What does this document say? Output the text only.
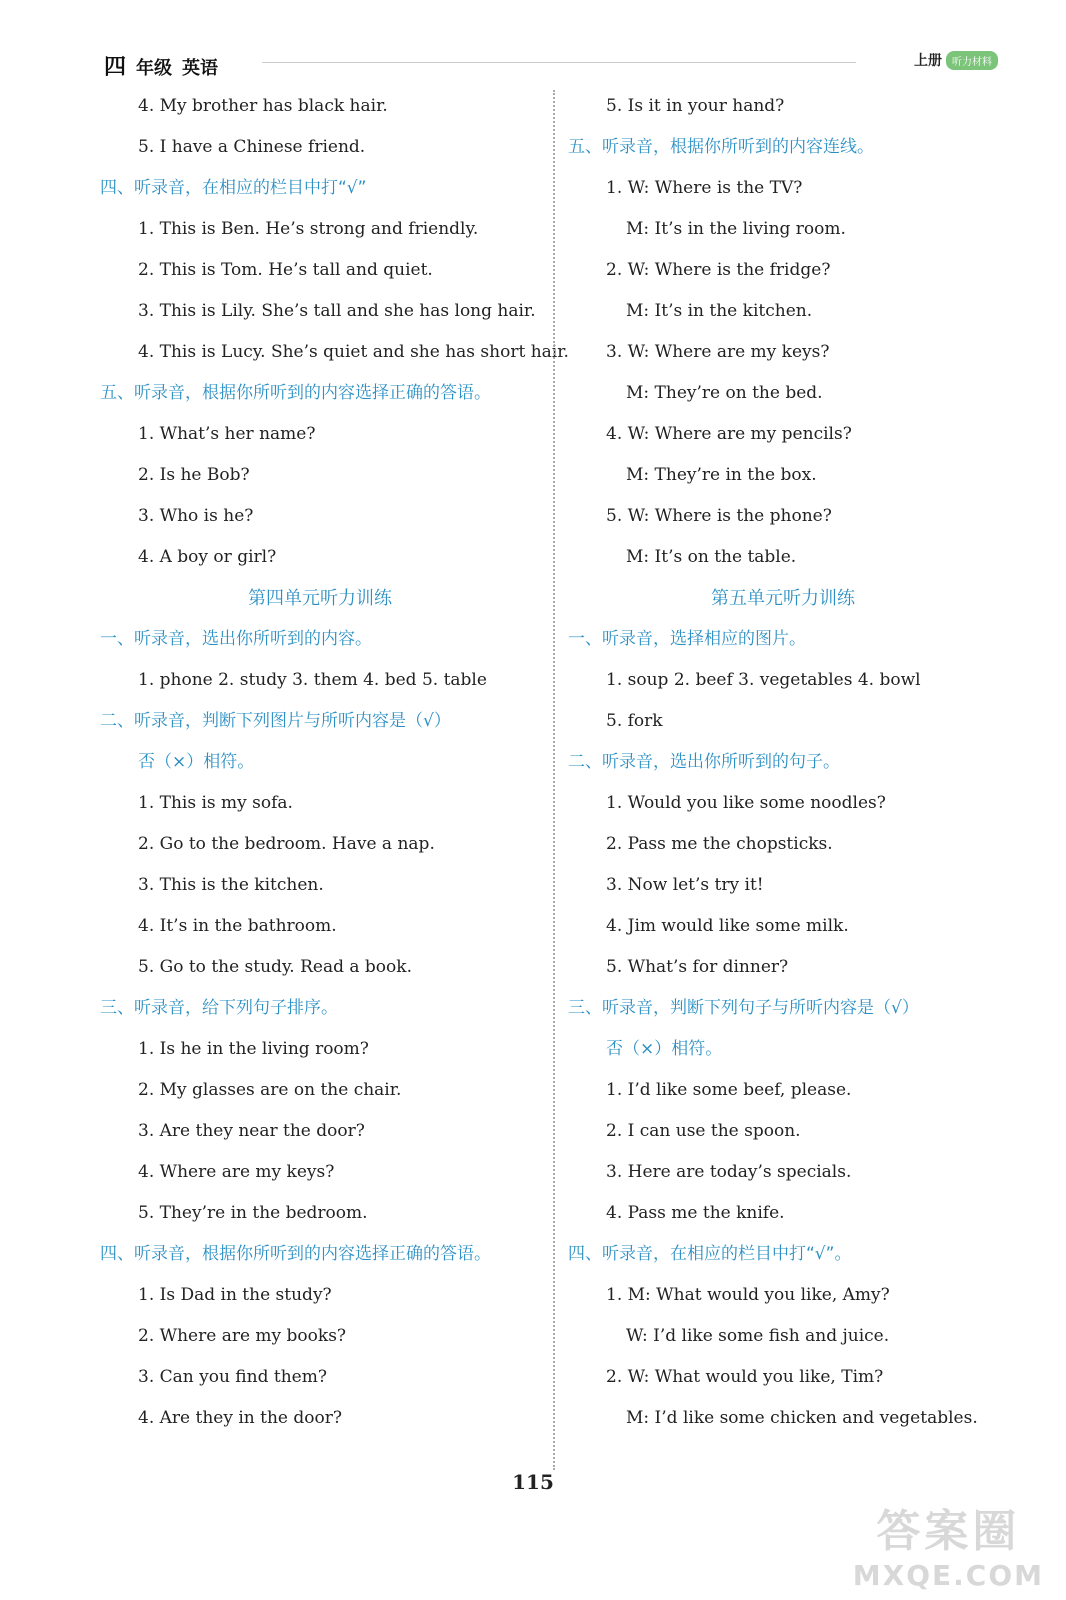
四 年级 英语	上册	听力材料
4. My brother has black hair.
5. I have a Chinese friend.
四、听录音，在相应的栏目中打“√”
1. This is Ben. He’s strong and friendly.
2. This is Tom. He’s tall and quiet.
3. This is Lily. She’s tall and she has long hair.
4. This is Lucy. She’s quiet and she has short hair.
五、听录音，根据你所听到的内容选择正确的答语。
1. What’s her name?
2. Is he Bob?
3. Who is he?
4. A boy or girl?
第四单元听力训练
一、听录音，选出你所听到的内容。
1. phone 2. study 3. them 4. bed 5. table
二、听录音，判断下列图片与所听内容是（√）
否（×）相符。
1. This is my sofa.
2. Go to the bedroom. Have a nap.
3. This is the kitchen.
4. It’s in the bathroom.
5. Go to the study. Read a book.
三、听录音，给下列句子排序。
1. Is he in the living room?
2. My glasses are on the chair.
3. Are they near the door?
4. Where are my keys?
5. They’re in the bedroom.
四、听录音，根据你所听到的内容选择正确的答语。
1. Is Dad in the study?
2. Where are my books?
3. Can you find them?
4. Are they in the door?
5. Is it in your hand?
五、听录音，根据你所听到的内容连线。
1. W: Where is the TV?
M: It’s in the living room.
2. W: Where is the fridge?
M: It’s in the kitchen.
3. W: Where are my keys?
M: They’re on the bed.
4. W: Where are my pencils?
M: They’re in the box.
5. W: Where is the phone?
M: It’s on the table.
第五单元听力训练
一、听录音，选择相应的图片。
1. soup 2. beef 3. vegetables 4. bowl
5. fork
二、听录音，选出你所听到的句子。
1. Would you like some noodles?
2. Pass me the chopsticks.
3. Now let’s try it!
4. Jim would like some milk.
5. What’s for dinner?
三、听录音，判断下列句子与所听内容是（√）
否（×）相符。
1. I’d like some beef, please.
2. I can use the spoon.
3. Here are today’s specials.
4. Pass me the knife.
四、听录音，在相应的栏目中打“√”。
1. M: What would you like, Amy?
W: I’d like some fish and juice.
2. W: What would you like, Tim?
M: I’d like some chicken and vegetables.
115
答案圈
MXQE.COM
